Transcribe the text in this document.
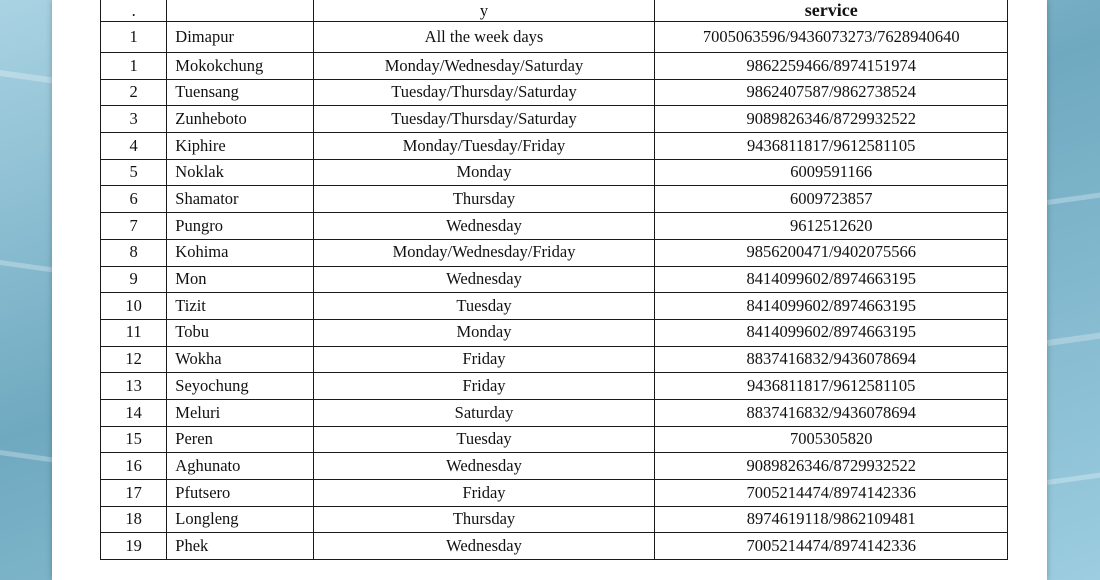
.		y	service
1	Dimapur	All the week days	7005063596/9436073273/7628940640
1	Mokokchung	Monday/Wednesday/Saturday	9862259466/8974151974
2	Tuensang	Tuesday/Thursday/Saturday	9862407587/9862738524
3	Zunheboto	Tuesday/Thursday/Saturday	9089826346/8729932522
4	Kiphire	Monday/Tuesday/Friday	9436811817/9612581105
5	Noklak	Monday	6009591166
6	Shamator	Thursday	6009723857
7	Pungro	Wednesday	9612512620
8	Kohima	Monday/Wednesday/Friday	9856200471/9402075566
9	Mon	Wednesday	8414099602/8974663195
10	Tizit	Tuesday	8414099602/8974663195
11	Tobu	Monday	8414099602/8974663195
12	Wokha	Friday	8837416832/9436078694
13	Seyochung	Friday	9436811817/9612581105
14	Meluri	Saturday	8837416832/9436078694
15	Peren	Tuesday	7005305820
16	Aghunato	Wednesday	9089826346/8729932522
17	Pfutsero	Friday	7005214474/8974142336
18	Longleng	Thursday	8974619118/9862109481
19	Phek	Wednesday	7005214474/8974142336
